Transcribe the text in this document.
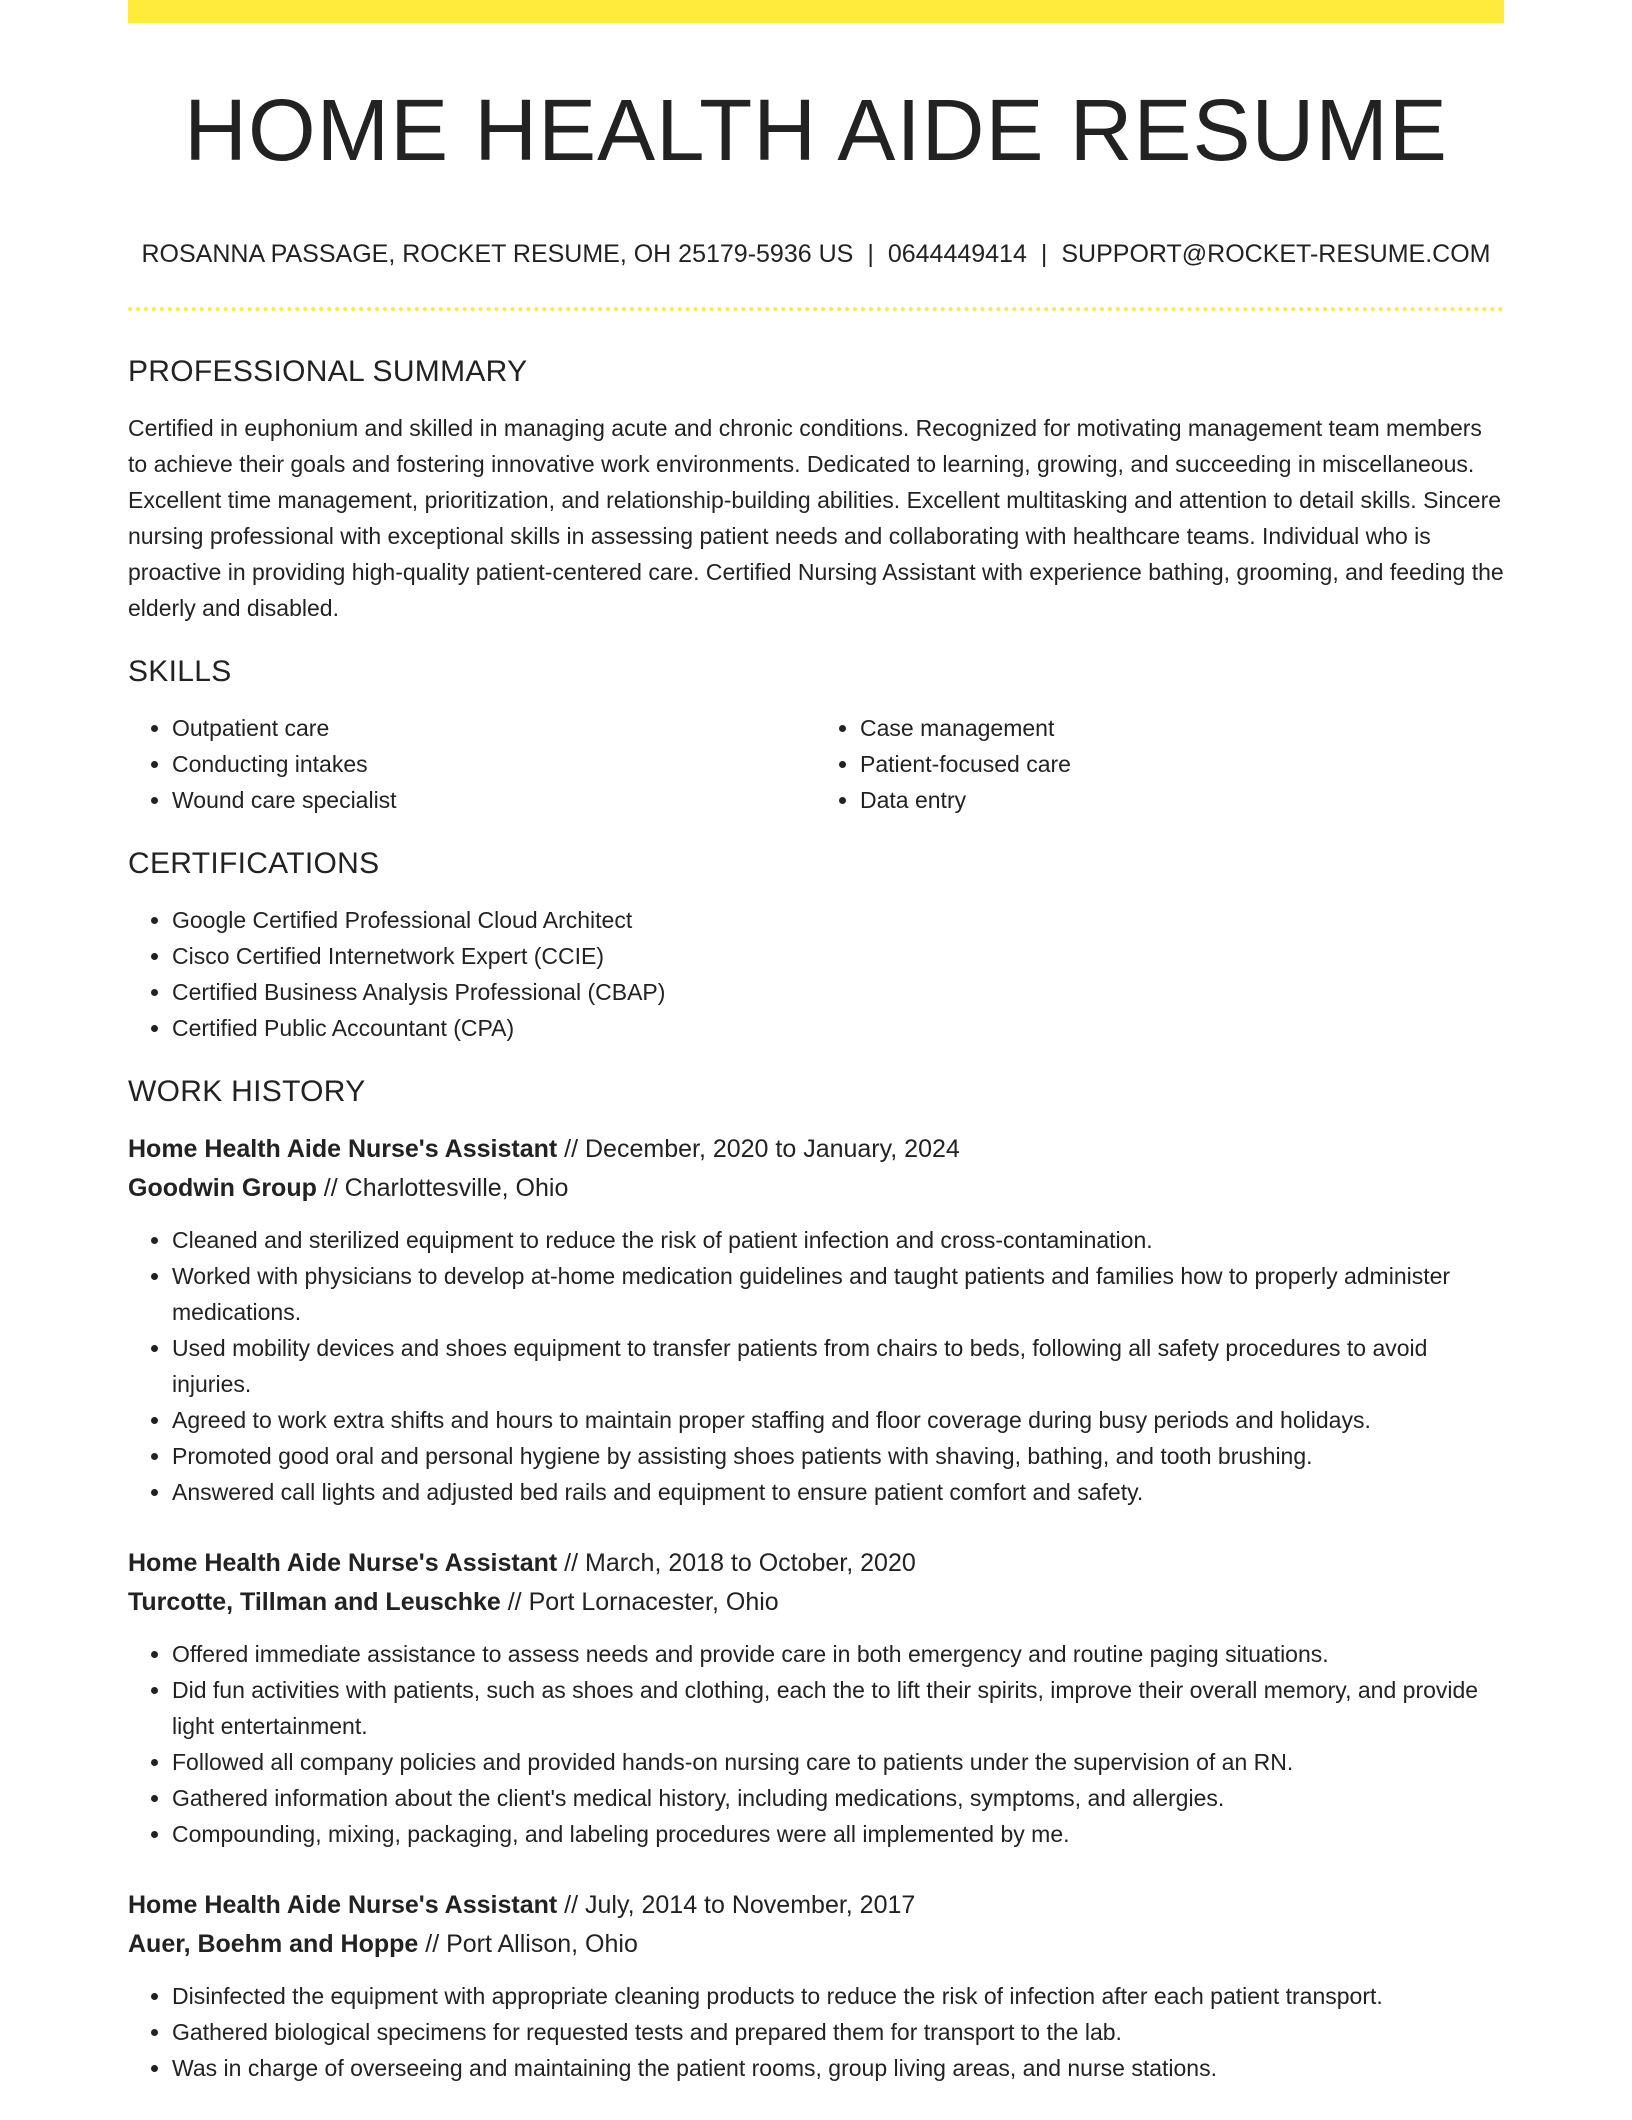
HOME HEALTH AIDE RESUME
ROSANNA PASSAGE, ROCKET RESUME, OH 25179-5936 US | 0644449414 | SUPPORT@ROCKET-RESUME.COM
PROFESSIONAL SUMMARY

Certified in euphonium and skilled in managing acute and chronic conditions. Recognized for motivating management team members to achieve their goals and fostering innovative work environments. Dedicated to learning, growing, and succeeding in miscellaneous. Excellent time management, prioritization, and relationship-building abilities. Excellent multitasking and attention to detail skills. Sincere nursing professional with exceptional skills in assessing patient needs and collaborating with healthcare teams. Individual who is proactive in providing high-quality patient-centered care. Certified Nursing Assistant with experience bathing, grooming, and feeding the elderly and disabled.

SKILLS
• Outpatient care
• Conducting intakes
• Wound care specialist
• Case management
• Patient-focused care
• Data entry
CERTIFICATIONS
• Google Certified Professional Cloud Architect
• Cisco Certified Internetwork Expert (CCIE)
• Certified Business Analysis Professional (CBAP)
• Certified Public Accountant (CPA)
WORK HISTORY
Home Health Aide Nurse's Assistant // December, 2020 to January, 2024
Goodwin Group // Charlottesville, Ohio
• Cleaned and sterilized equipment to reduce the risk of patient infection and cross-contamination.
• Worked with physicians to develop at-home medication guidelines and taught patients and families how to properly administer medications.
• Used mobility devices and shoes equipment to transfer patients from chairs to beds, following all safety procedures to avoid injuries.
• Agreed to work extra shifts and hours to maintain proper staffing and floor coverage during busy periods and holidays.
• Promoted good oral and personal hygiene by assisting shoes patients with shaving, bathing, and tooth brushing.
• Answered call lights and adjusted bed rails and equipment to ensure patient comfort and safety.
Home Health Aide Nurse's Assistant // March, 2018 to October, 2020
Turcotte, Tillman and Leuschke // Port Lornacester, Ohio
• Offered immediate assistance to assess needs and provide care in both emergency and routine paging situations.
• Did fun activities with patients, such as shoes and clothing, each the to lift their spirits, improve their overall memory, and provide light entertainment.
• Followed all company policies and provided hands-on nursing care to patients under the supervision of an RN.
• Gathered information about the client's medical history, including medications, symptoms, and allergies.
• Compounding, mixing, packaging, and labeling procedures were all implemented by me.
Home Health Aide Nurse's Assistant // July, 2014 to November, 2017
Auer, Boehm and Hoppe // Port Allison, Ohio
• Disinfected the equipment with appropriate cleaning products to reduce the risk of infection after each patient transport.
• Gathered biological specimens for requested tests and prepared them for transport to the lab.
• Was in charge of overseeing and maintaining the patient rooms, group living areas, and nurse stations.
